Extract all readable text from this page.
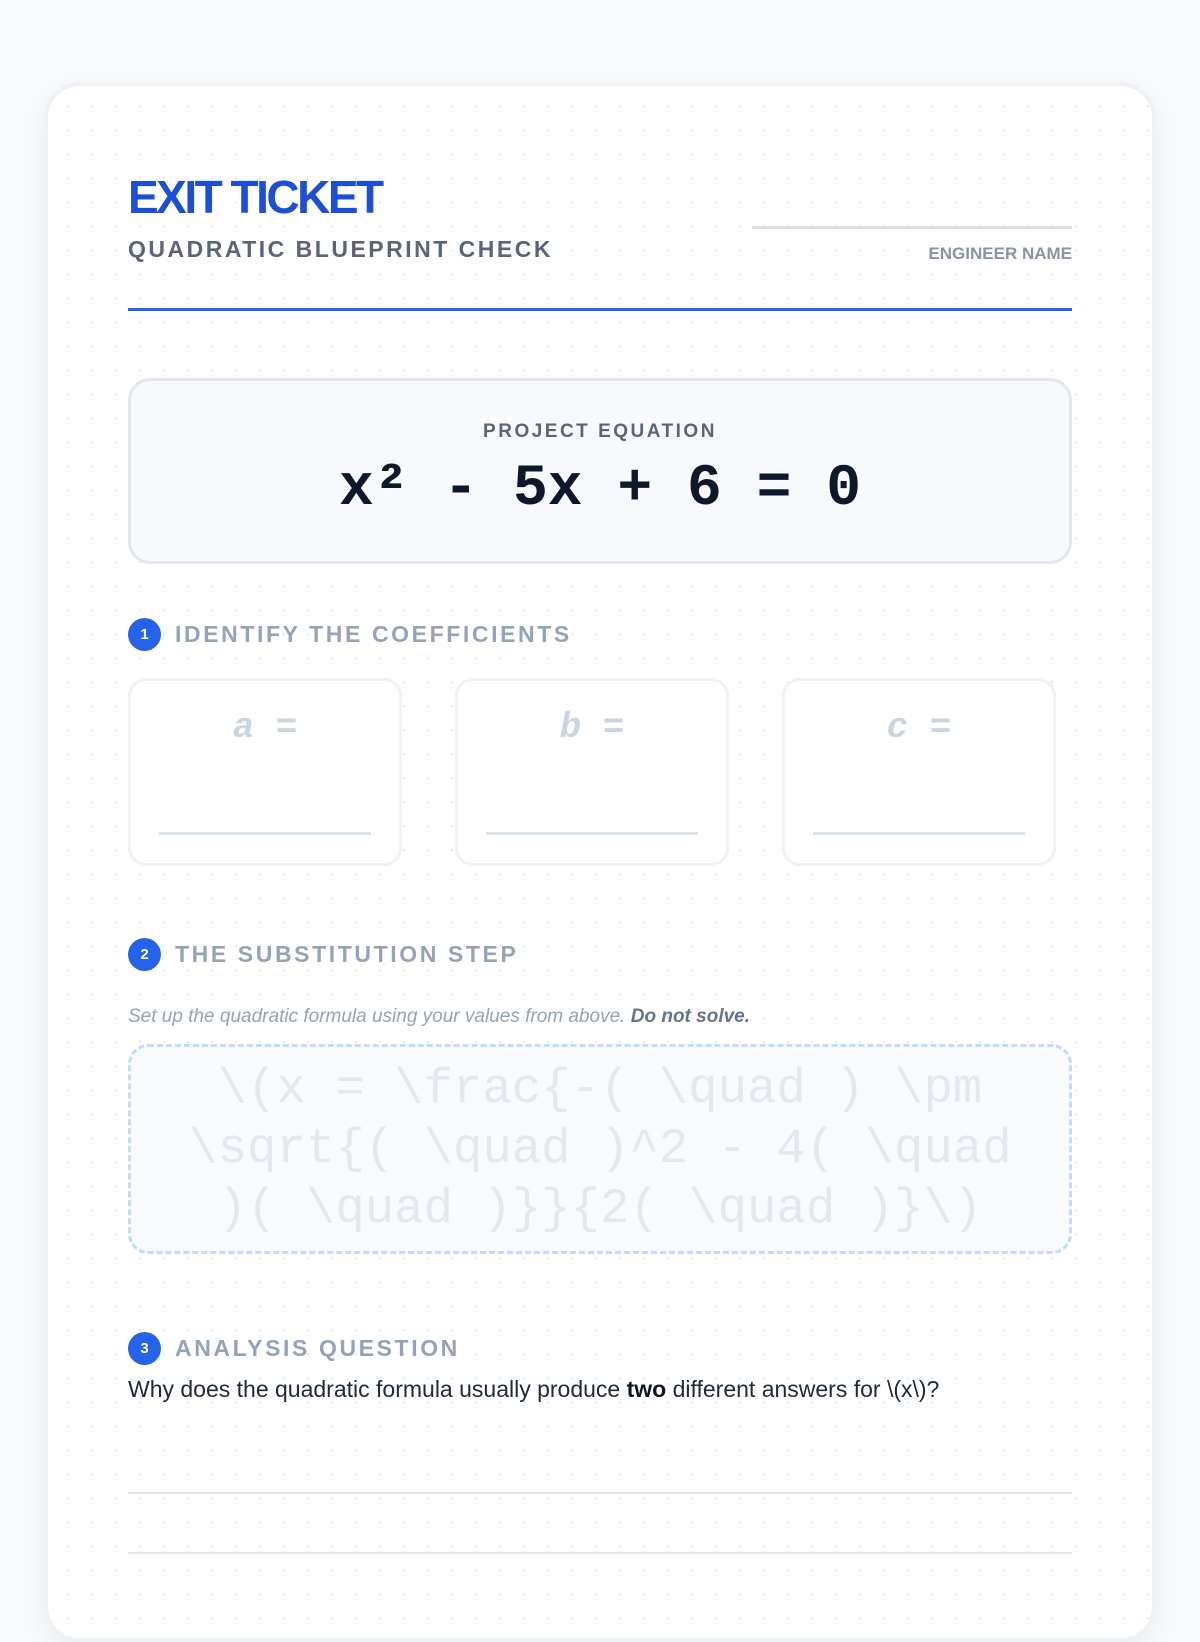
EXIT TICKET
QUADRATIC BLUEPRINT CHECK	ENGINEER NAME
PROJECT EQUATION
x² - 5x + 6 = 0
1	IDENTIFY THE COEFFICIENTS
a =	b =	c =
2	THE SUBSTITUTION STEP
Set up the quadratic formula using your values from above. Do not solve.
\(x = \frac{-( \quad ) \pm \sqrt{( \quad )^2 - 4( \quad )( \quad )}}{2( \quad )}\)
3	ANALYSIS QUESTION
Why does the quadratic formula usually produce two different answers for \(x\)?
